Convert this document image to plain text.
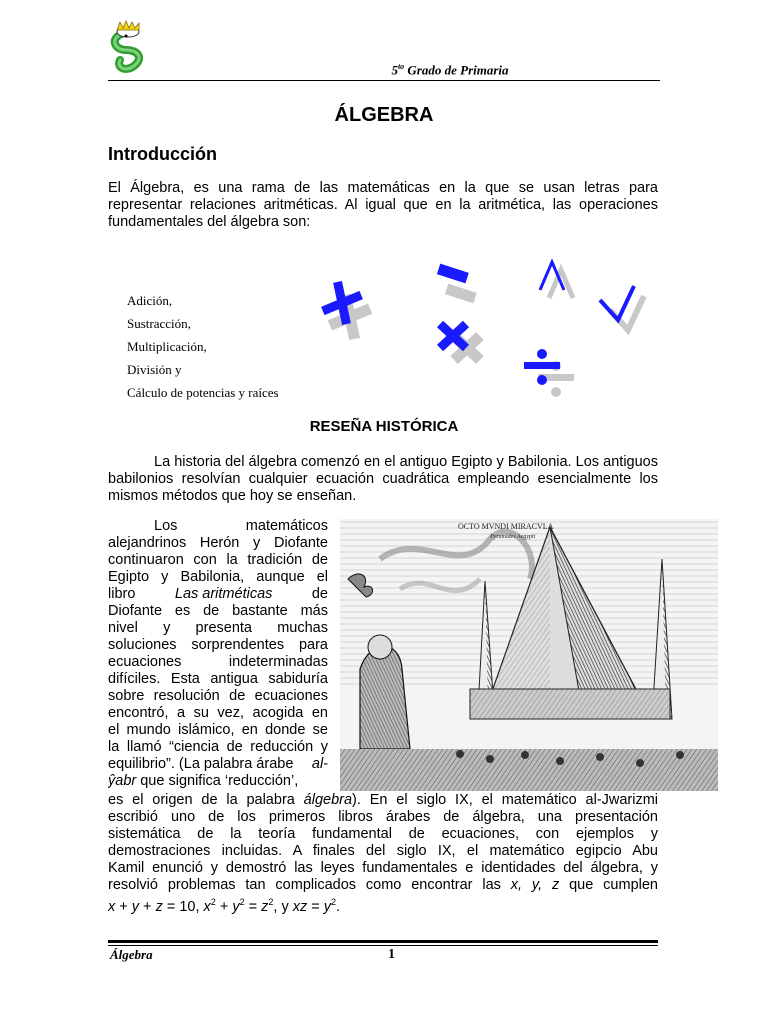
$5^{to}$ Grado de Primaria
ÁLGEBRA
Introducción
El Álgebra, es una rama de las matemáticas en la que se usan letras para representar relaciones aritméticas. Al igual que en la aritmética, las operaciones fundamentales del álgebra son:
Adición,
Sustracción,
Multiplicación,
División y
Cálculo de potencias y raíces
RESEÑA HISTÓRICA
La historia del álgebra comenzó en el antiguo Egipto y Babilonia. Los antiguos babilonios resolvían cualquier ecuación cuadrática empleando esencialmente los mismos métodos que hoy se enseñan.
Los	matemáticos
alejandrinos Herón y Diofante
continuaron con la tradición de
Egipto y Babilonia, aunque el
libro	Las aritméticas	de
Diofante es de bastante más
nivel y presenta muchas
soluciones sorprendentes para
ecuaciones indeterminadas
difíciles. Esta antigua sabiduría
sobre resolución de ecuaciones
encontró, a su vez, acogida en
el mundo islámico, en donde se
la llamó “ciencia de reducción y
equilibrio”. (La palabra árabe al-
ŷabr que significa ‘reducción’,
OCTO MVNDI MIRACVLA
Pyramides Aegypti
es el origen de la palabra álgebra). En el siglo IX, el matemático al-Jwarizmi
escribió uno de los primeros libros árabes de álgebra, una presentación
sistemática de la teoría fundamental de ecuaciones, con ejemplos y
demostraciones incluidas. A finales del siglo IX, el matemático egipcio Abu
Kamil enunció y demostró las leyes fundamentales e identidades del álgebra, y
resolvió problemas tan complicados como encontrar las x, y, z que cumplen
x + y + z = 10, $x^2 + y^2 = z^2$, y xz = $y^2$.
Álgebra	1
